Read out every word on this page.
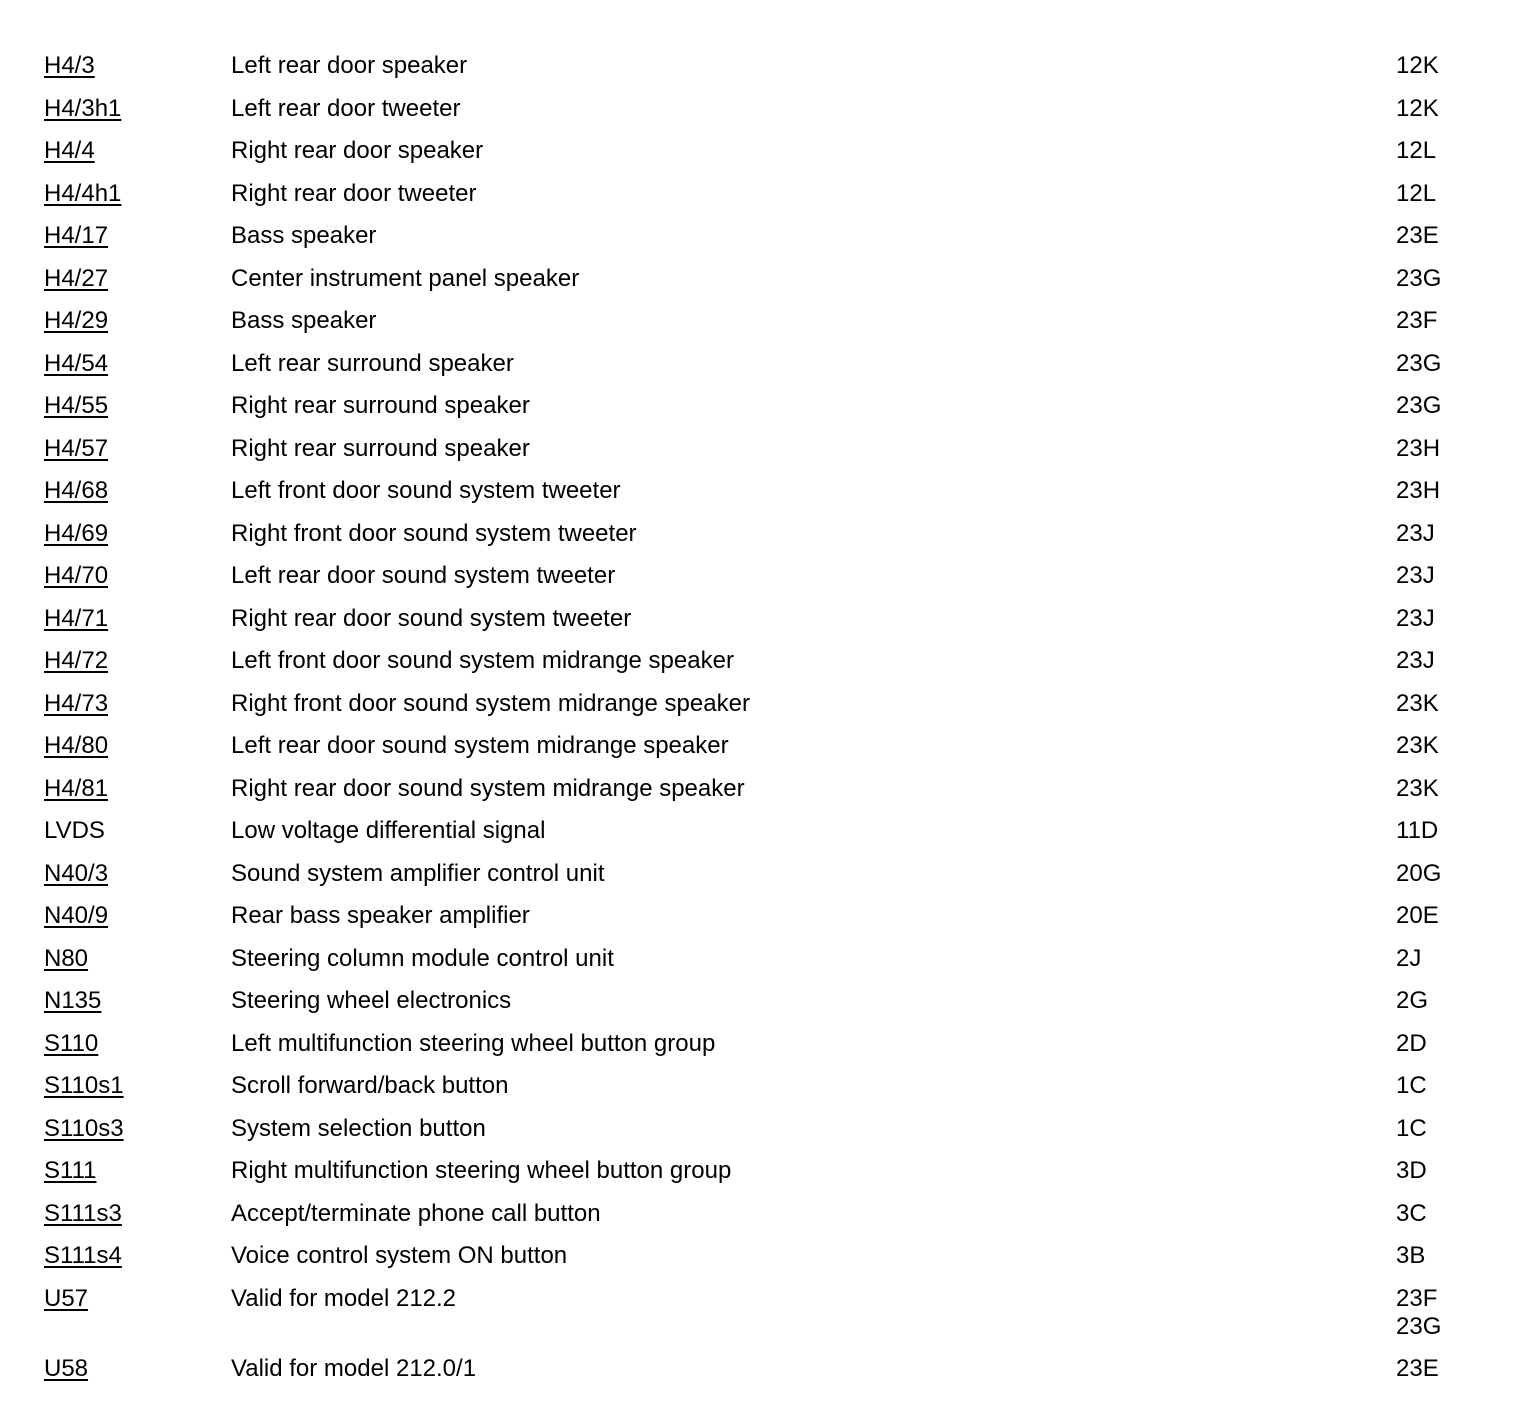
H4/3	Left rear door speaker	12K
H4/3h1	Left rear door tweeter	12K
H4/4	Right rear door speaker	12L
H4/4h1	Right rear door tweeter	12L
H4/17	Bass speaker	23E
H4/27	Center instrument panel speaker	23G
H4/29	Bass speaker	23F
H4/54	Left rear surround speaker	23G
H4/55	Right rear surround speaker	23G
H4/57	Right rear surround speaker	23H
H4/68	Left front door sound system tweeter	23H
H4/69	Right front door sound system tweeter	23J
H4/70	Left rear door sound system tweeter	23J
H4/71	Right rear door sound system tweeter	23J
H4/72	Left front door sound system midrange speaker	23J
H4/73	Right front door sound system midrange speaker	23K
H4/80	Left rear door sound system midrange speaker	23K
H4/81	Right rear door sound system midrange speaker	23K
LVDS	Low voltage differential signal	11D
N40/3	Sound system amplifier control unit	20G
N40/9	Rear bass speaker amplifier	20E
N80	Steering column module control unit	2J
N135	Steering wheel electronics	2G
S110	Left multifunction steering wheel button group	2D
S110s1	Scroll forward/back button	1C
S110s3	System selection button	1C
S111	Right multifunction steering wheel button group	3D
S111s3	Accept/terminate phone call button	3C
S111s4	Voice control system ON button	3B
U57	Valid for model 212.2	23F
23G
U58	Valid for model 212.0/1	23E
